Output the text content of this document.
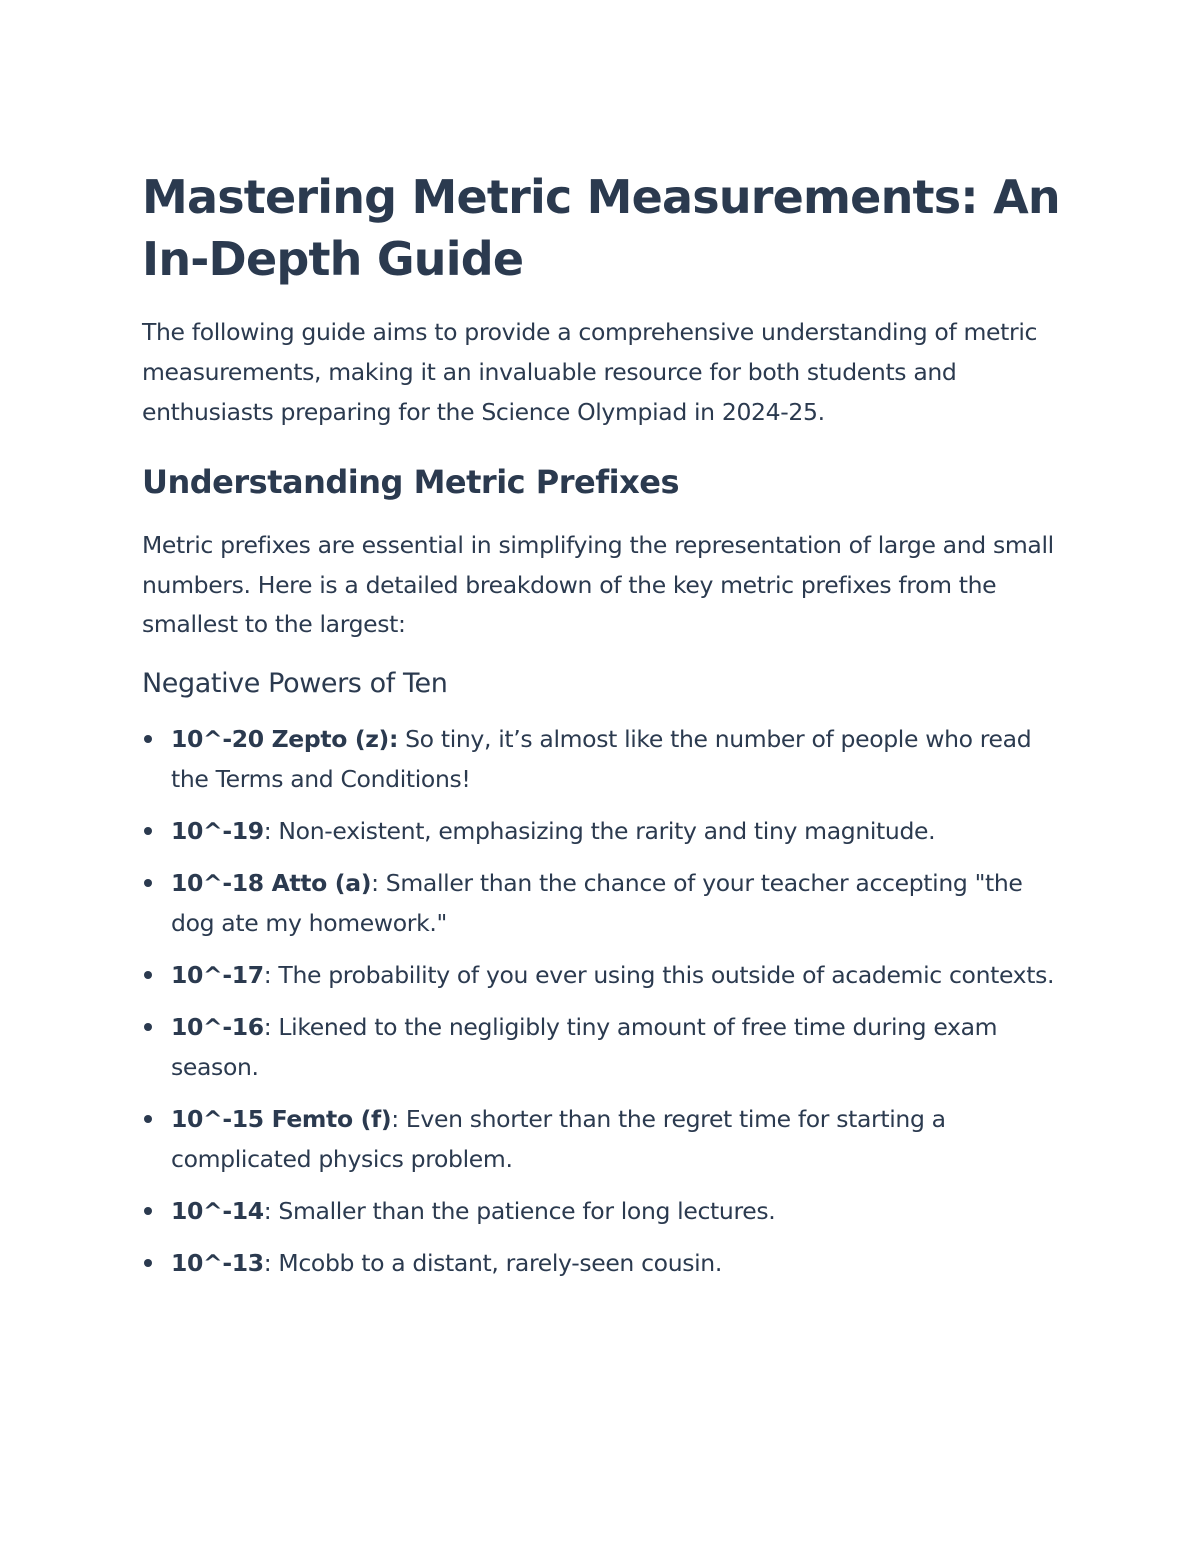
Mastering Metric Measurements: An In-Depth Guide

The following guide aims to provide a comprehensive understanding of metric measurements, making it an invaluable resource for both students and enthusiasts preparing for the Science Olympiad in 2024-25.

Understanding Metric Prefixes

Metric prefixes are essential in simplifying the representation of large and small numbers. Here is a detailed breakdown of the key metric prefixes from the smallest to the largest:

Negative Powers of Ten
10^-20 Zepto (z): So tiny, it’s almost like the number of people who read the Terms and Conditions!
10^-19: Non-existent, emphasizing the rarity and tiny magnitude.
10^-18 Atto (a): Smaller than the chance of your teacher accepting "the dog ate my homework."
10^-17: The probability of you ever using this outside of academic contexts.
10^-16: Likened to the negligibly tiny amount of free time during exam season.
10^-15 Femto (f): Even shorter than the regret time for starting a complicated physics problem.
10^-14: Smaller than the patience for long lectures.
10^-13: Mcobb to a distant, rarely-seen cousin.
